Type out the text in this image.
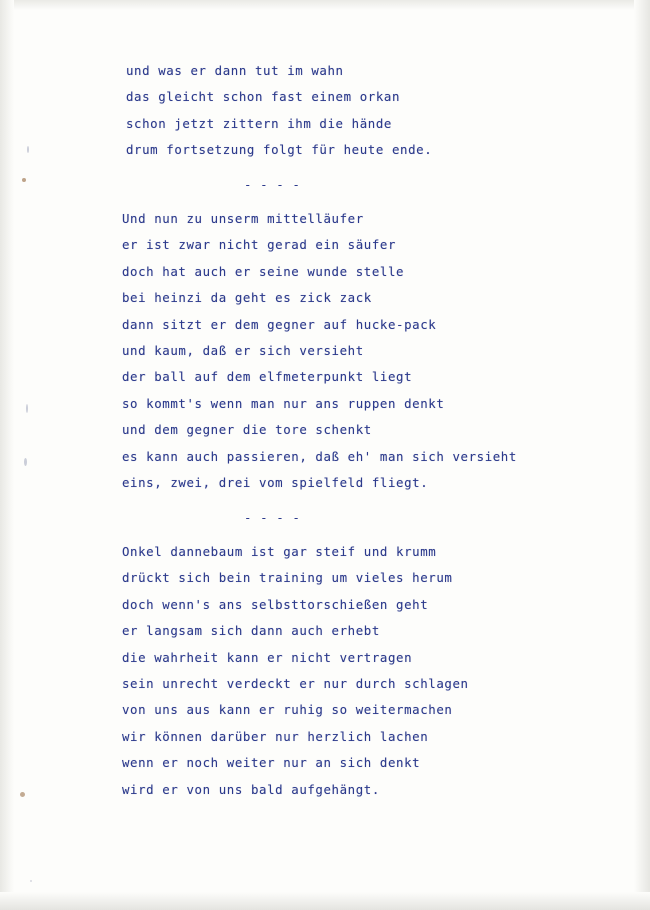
und was er dann tut im wahn
das gleicht schon fast einem orkan
schon jetzt zittern ihm die hände
drum fortsetzung folgt für heute ende.
- - - -
Und nun zu unserm mittelläufer
er ist zwar nicht gerad ein säufer
doch hat auch er seine wunde stelle
bei heinzi da geht es zick zack
dann sitzt er dem gegner auf hucke-pack
und kaum, daß er sich versieht
der ball auf dem elfmeterpunkt liegt
so kommt's wenn man nur ans ruppen denkt
und dem gegner die tore schenkt
es kann auch passieren, daß eh' man sich versieht
eins, zwei, drei vom spielfeld fliegt.
- - - -
Onkel dannebaum ist gar steif und krumm
drückt sich bein training um vieles herum
doch wenn's ans selbsttorschießen geht
er langsam sich dann auch erhebt
die wahrheit kann er nicht vertragen
sein unrecht verdeckt er nur durch schlagen
von uns aus kann er ruhig so weitermachen
wir können darüber nur herzlich lachen
wenn er noch weiter nur an sich denkt
wird er von uns bald aufgehängt.
